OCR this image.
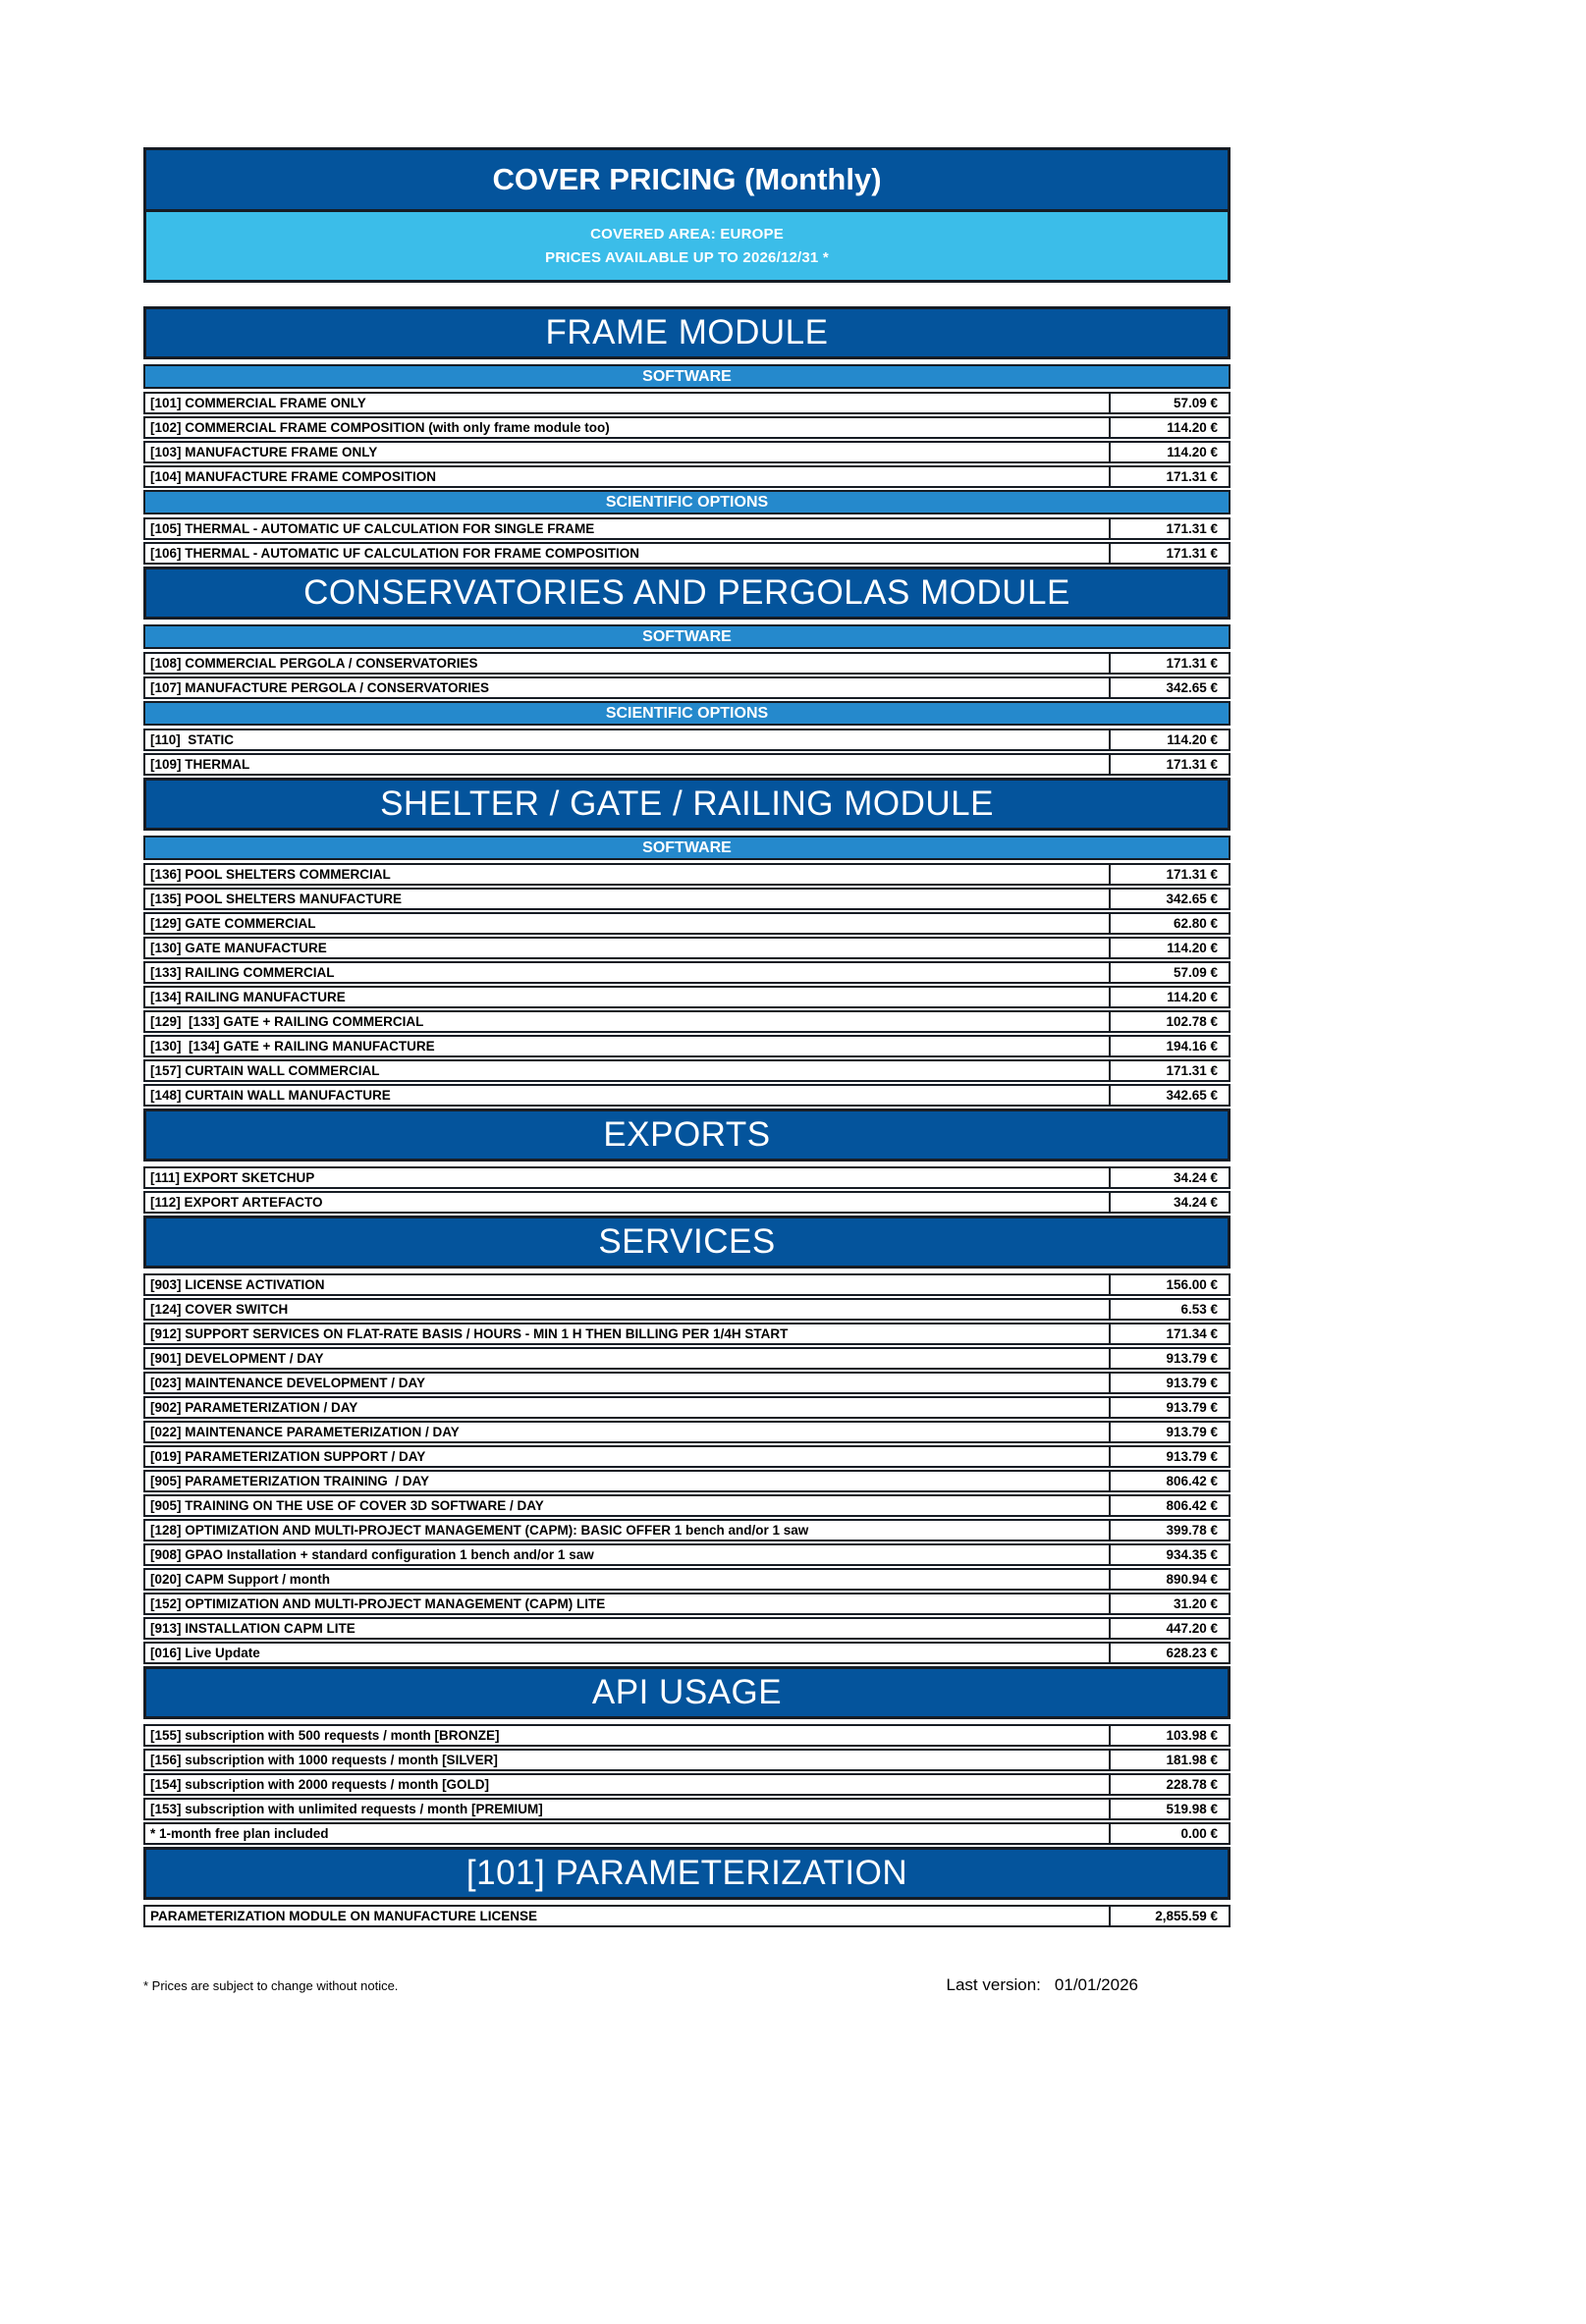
COVER PRICING (Monthly)
COVERED AREA: EUROPE
PRICES AVAILABLE UP TO 2026/12/31 *
FRAME MODULE
SOFTWARE
[101] COMMERCIAL FRAME ONLY	57.09 €
[102] COMMERCIAL FRAME COMPOSITION (with only frame module too)	114.20 €
[103] MANUFACTURE FRAME ONLY	114.20 €
[104] MANUFACTURE FRAME COMPOSITION	171.31 €
SCIENTIFIC OPTIONS
[105] THERMAL - AUTOMATIC UF CALCULATION FOR SINGLE FRAME	171.31 €
[106] THERMAL - AUTOMATIC UF CALCULATION FOR FRAME COMPOSITION	171.31 €
CONSERVATORIES AND PERGOLAS MODULE
SOFTWARE
[108] COMMERCIAL PERGOLA / CONSERVATORIES	171.31 €
[107] MANUFACTURE PERGOLA / CONSERVATORIES	342.65 €
SCIENTIFIC OPTIONS
[110]  STATIC	114.20 €
[109] THERMAL	171.31 €
SHELTER / GATE / RAILING MODULE
SOFTWARE
[136] POOL SHELTERS COMMERCIAL	171.31 €
[135] POOL SHELTERS MANUFACTURE	342.65 €
[129] GATE COMMERCIAL	62.80 €
[130] GATE MANUFACTURE	114.20 €
[133] RAILING COMMERCIAL	57.09 €
[134] RAILING MANUFACTURE	114.20 €
[129]  [133] GATE + RAILING COMMERCIAL	102.78 €
[130]  [134] GATE + RAILING MANUFACTURE	194.16 €
[157] CURTAIN WALL COMMERCIAL	171.31 €
[148] CURTAIN WALL MANUFACTURE	342.65 €
EXPORTS
[111] EXPORT SKETCHUP	34.24 €
[112] EXPORT ARTEFACTO	34.24 €
SERVICES
[903] LICENSE ACTIVATION	156.00 €
[124] COVER SWITCH	6.53 €
[912] SUPPORT SERVICES ON FLAT-RATE BASIS / HOURS - MIN 1 H THEN BILLING PER 1/4H START	171.34 €
[901] DEVELOPMENT / DAY	913.79 €
[023] MAINTENANCE DEVELOPMENT / DAY	913.79 €
[902] PARAMETERIZATION / DAY	913.79 €
[022] MAINTENANCE PARAMETERIZATION / DAY	913.79 €
[019] PARAMETERIZATION SUPPORT / DAY	913.79 €
[905] PARAMETERIZATION TRAINING  / DAY	806.42 €
[905] TRAINING ON THE USE OF COVER 3D SOFTWARE / DAY	806.42 €
[128] OPTIMIZATION AND MULTI-PROJECT MANAGEMENT (CAPM): BASIC OFFER 1 bench and/or 1 saw	399.78 €
[908] GPAO Installation + standard configuration 1 bench and/or 1 saw	934.35 €
[020] CAPM Support / month	890.94 €
[152] OPTIMIZATION AND MULTI-PROJECT MANAGEMENT (CAPM) LITE	31.20 €
[913] INSTALLATION CAPM LITE	447.20 €
[016] Live Update	628.23 €
API USAGE
[155] subscription with 500 requests / month [BRONZE]	103.98 €
[156] subscription with 1000 requests / month [SILVER]	181.98 €
[154] subscription with 2000 requests / month [GOLD]	228.78 €
[153] subscription with unlimited requests / month [PREMIUM]	519.98 €
* 1-month free plan included	0.00 €
[101] PARAMETERIZATION
PARAMETERIZATION MODULE ON MANUFACTURE LICENSE	2,855.59 €
* Prices are subject to change without notice.	Last version: 01/01/2026
